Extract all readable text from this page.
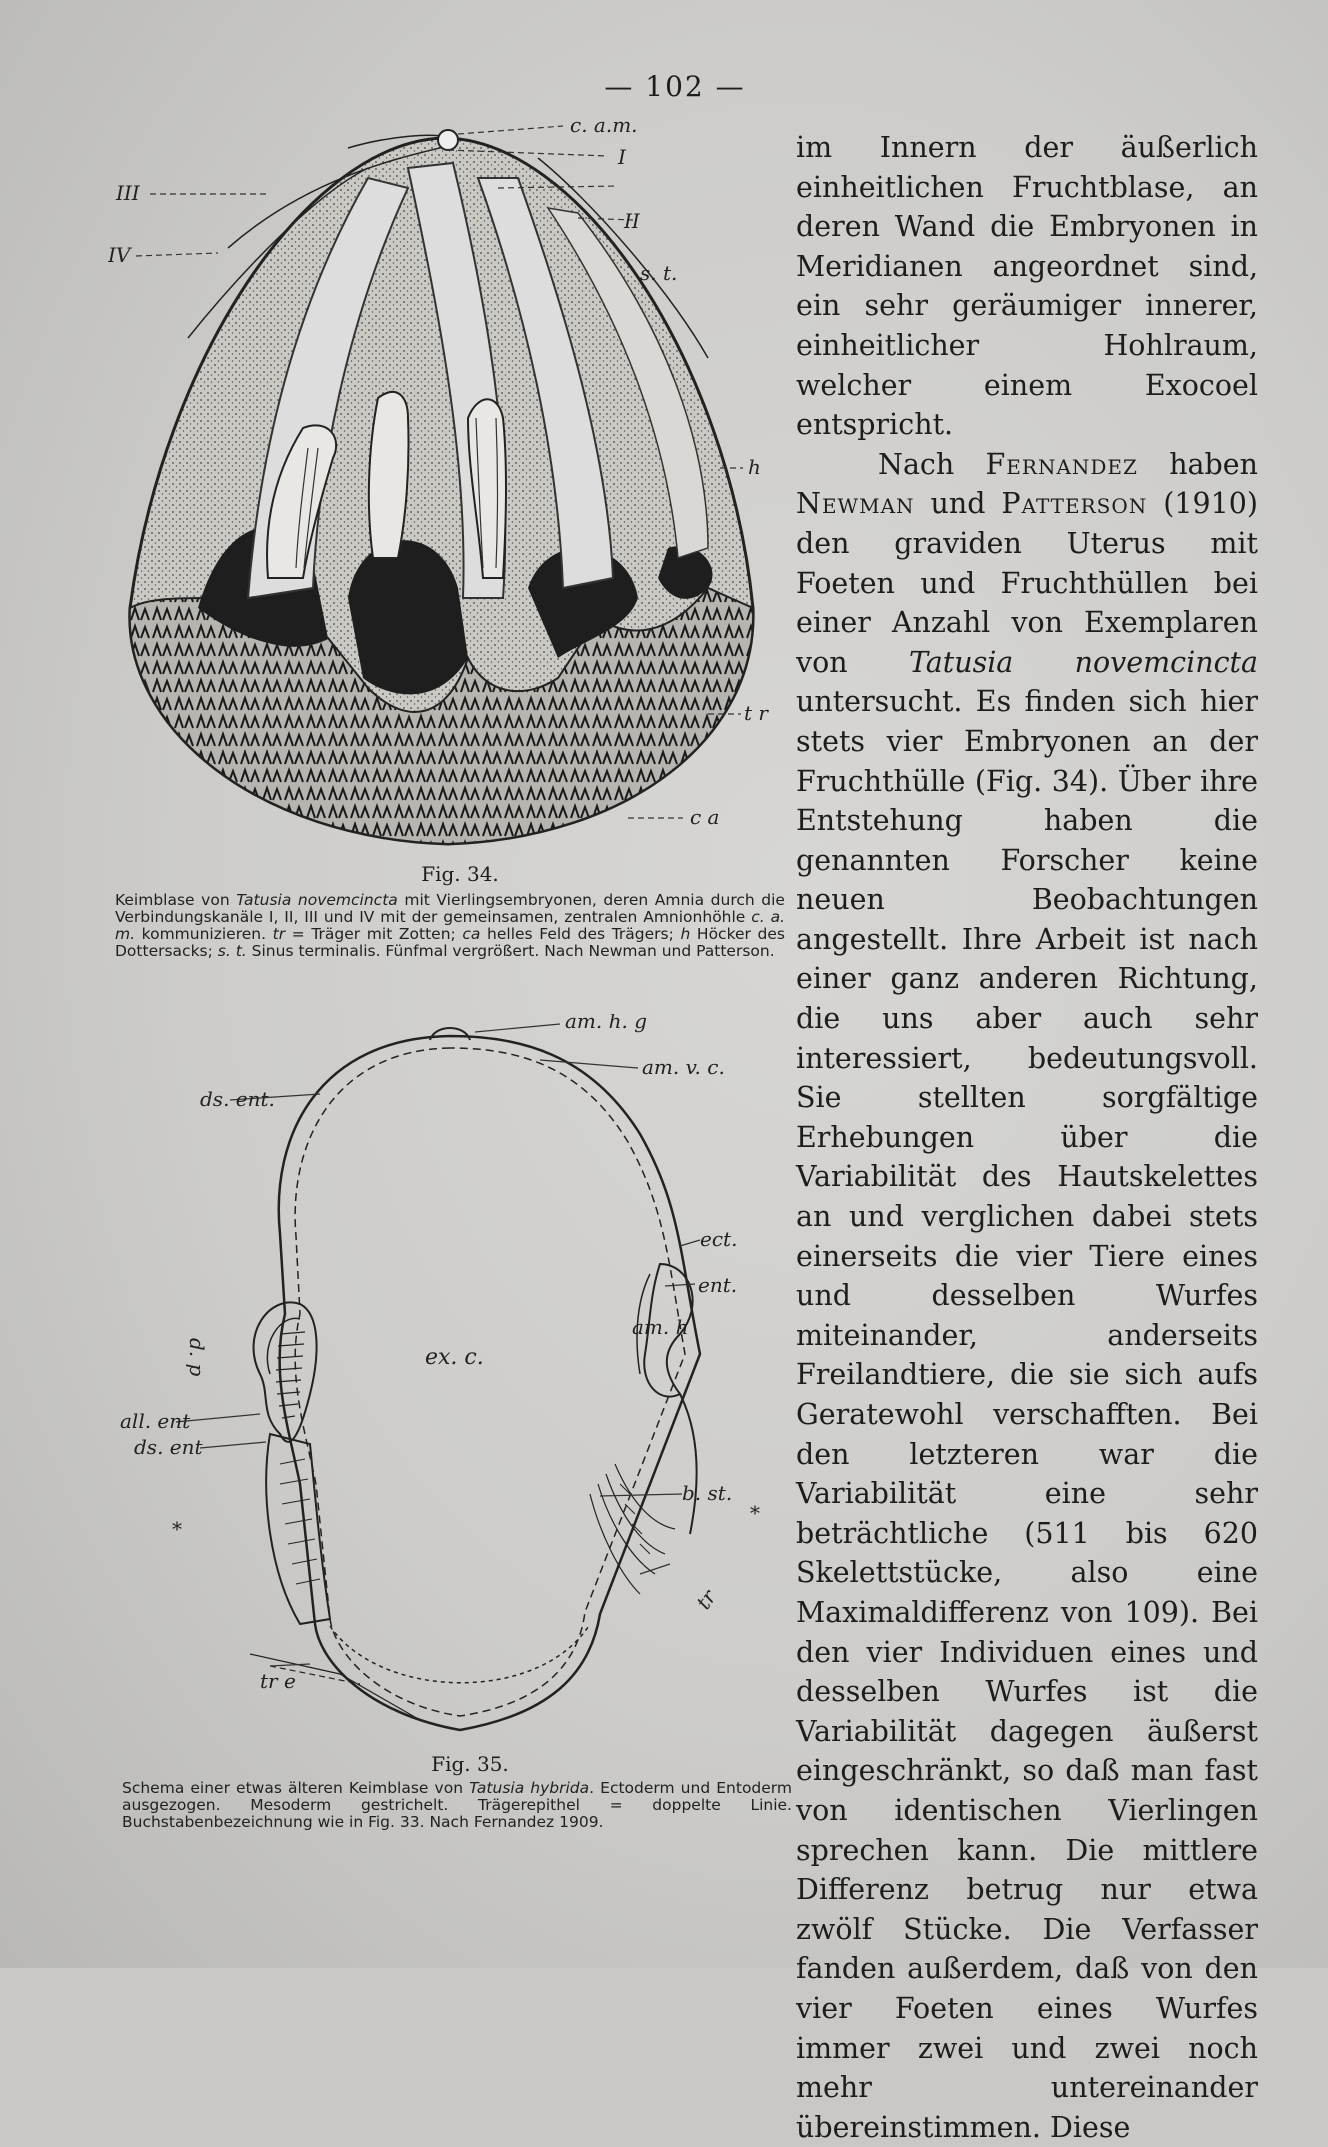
— 102 —
c. a.m.
I
II
III
IV
s. t.
h
t r
c a
Fig. 34.
Keimblase von Tatusia novemcincta mit Vierlingsembryonen, deren Amnia durch die Verbindungskanäle I, II, III und IV mit der gemeinsamen, zentralen Amnionhöhle c. a. m. kommunizieren. tr = Träger mit Zotten; ca helles Feld des Trägers; h Höcker des Dottersacks; s. t. Sinus terminalis. Fünfmal vergrößert. Nach Newman und Patterson.
am. h. g
ds. ent.
am. v. c.
ect.
ent.
am. h
d. p	ex. c.
all. ent
ds. ent
b. st.
tr
tr e
*
*
Fig. 35.
Schema einer etwas älteren Keimblase von Tatusia hybrida. Ectoderm und Entoderm ausgezogen. Mesoderm gestrichelt. Trägerepithel = doppelte Linie. Buchstabenbezeichnung wie in Fig. 33. Nach Fernandez 1909.

im Innern der äußerlich einheitlichen Fruchtblase, an deren Wand die Embryonen in Meridianen angeordnet sind, ein sehr geräumiger innerer, einheitlicher Hohlraum, welcher einem Exocoel entspricht.

Nach Fernandez haben Newman und Patterson (1910) den graviden Uterus mit Foeten und Fruchthüllen bei einer Anzahl von Exemplaren von Tatusia novemcincta untersucht. Es finden sich hier stets vier Embryonen an der Fruchthülle (Fig. 34). Über ihre Entstehung haben die genannten Forscher keine neuen Beobachtungen angestellt. Ihre Arbeit ist nach einer ganz anderen Richtung, die uns aber auch sehr interessiert, bedeutungsvoll. Sie stellten sorgfältige Erhebungen über die Variabilität des Hautskelettes an und verglichen dabei stets einerseits die vier Tiere eines und desselben Wurfes miteinander, anderseits Freilandtiere, die sie sich aufs Geratewohl verschafften. Bei den letzteren war die Variabilität eine sehr beträchtliche (511 bis 620 Skelettstücke, also eine Maximaldifferenz von 109). Bei den vier Individuen eines und desselben Wurfes ist die Variabilität dagegen äußerst eingeschränkt, so daß man fast von identischen Vierlingen sprechen kann. Die mittlere Differenz betrug nur etwa zwölf Stücke. Die Verfasser fanden außerdem, daß von den vier Foeten eines Wurfes immer zwei und zwei noch mehr untereinander übereinstimmen. Diese
